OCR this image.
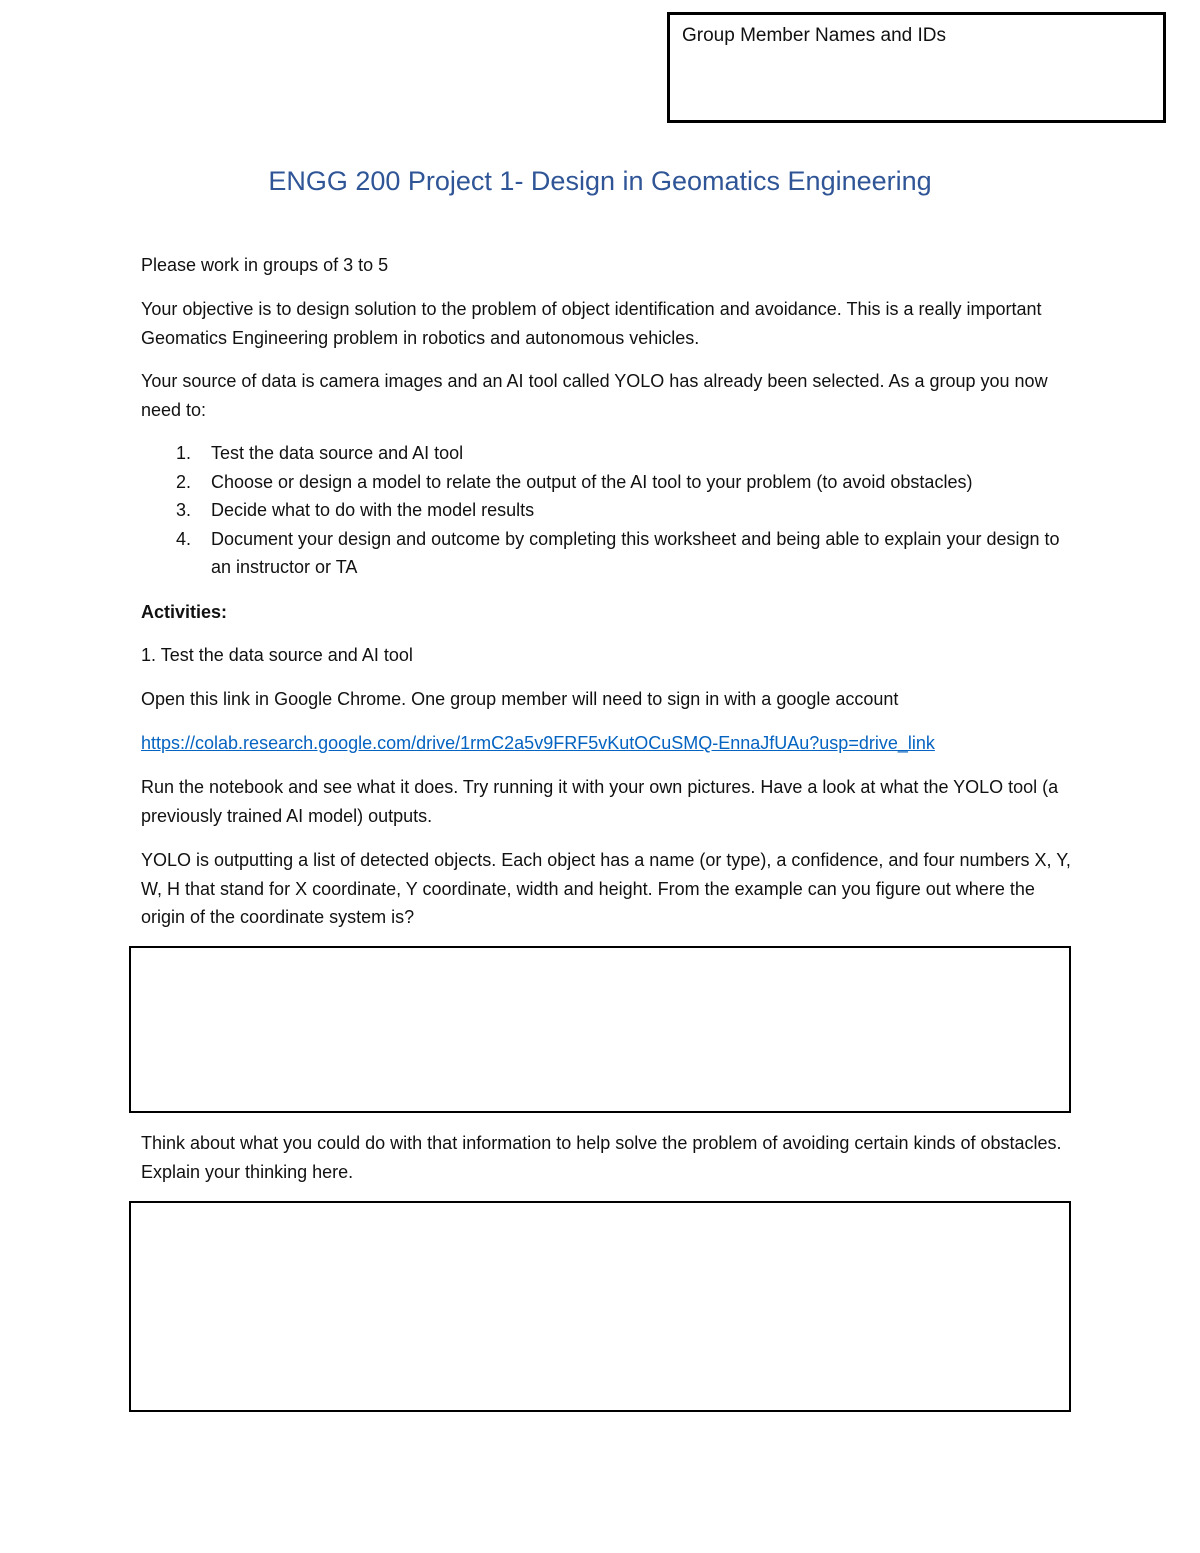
Group Member Names and IDs

ENGG 200 Project 1- Design in Geomatics Engineering

Please work in groups of 3 to 5

Your objective is to design solution to the problem of object identification and avoidance. This is a really important Geomatics Engineering problem in robotics and autonomous vehicles.

Your source of data is camera images and an AI tool called YOLO has already been selected. As a group you now need to:

1. Test the data source and AI tool
2. Choose or design a model to relate the output of the AI tool to your problem (to avoid obstacles)
3. Decide what to do with the model results
4. Document your design and outcome by completing this worksheet and being able to explain your design to an instructor or TA

Activities:

1. Test the data source and AI tool

Open this link in Google Chrome. One group member will need to sign in with a google account

https://colab.research.google.com/drive/1rmC2a5v9FRF5vKutOCuSMQ-EnnaJfUAu?usp=drive_link

Run the notebook and see what it does. Try running it with your own pictures. Have a look at what the YOLO tool (a previously trained AI model) outputs.

YOLO is outputting a list of detected objects. Each object has a name (or type), a confidence, and four numbers X, Y, W, H that stand for X coordinate, Y coordinate, width and height. From the example can you figure out where the origin of the coordinate system is?

Think about what you could do with that information to help solve the problem of avoiding certain kinds of obstacles. Explain your thinking here.
